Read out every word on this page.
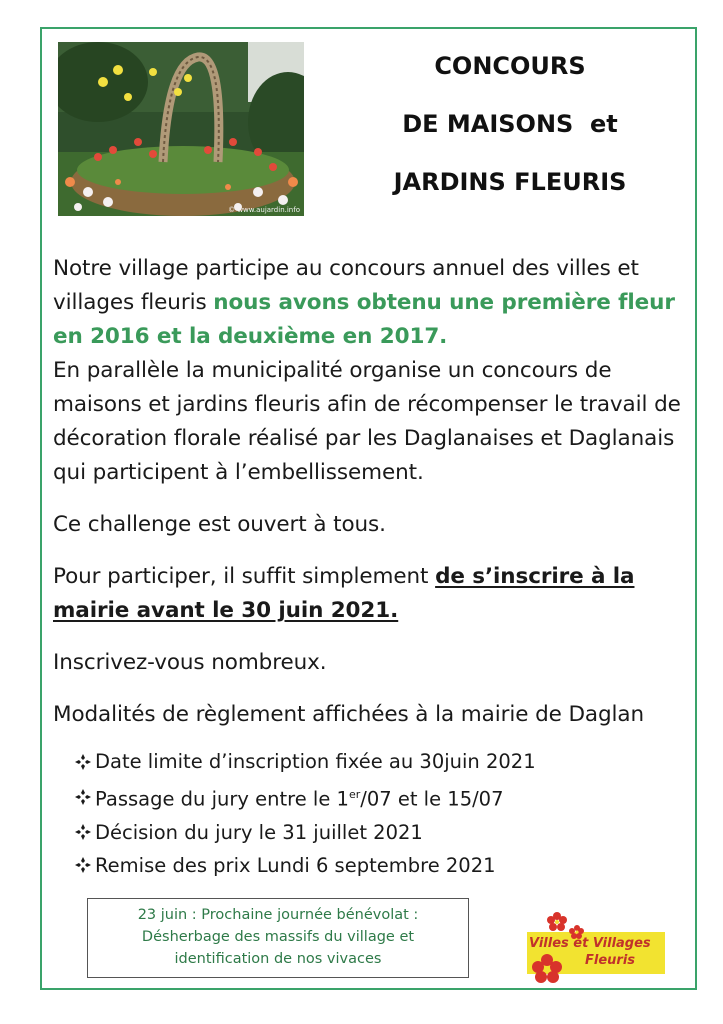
© www.aujardin.info
CONCOURS
DE MAISONS  et
JARDINS FLEURIS

Notre village participe au concours annuel des villes et villages fleuris nous avons obtenu une première fleur en 2016 et la deuxième en 2017.

En parallèle la municipalité organise un concours de maisons et jardins fleuris afin de récompenser le travail de décoration florale réalisé par les Daglanaises et Daglanais qui participent à l’embellissement.

Ce challenge est ouvert à tous.

Pour participer, il suffit simplement de s’inscrire à la mairie avant le 30 juin 2021.

Inscrivez-vous nombreux.

Modalités de règlement affichées à la mairie de Daglan

Date limite d’inscription fixée au 30juin 2021
Passage du jury entre le 1er/07 et le 15/07
Décision du jury le 31 juillet 2021
Remise des prix Lundi 6 septembre 2021
23 juin : Prochaine journée bénévolat :
Désherbage des massifs du village et
identification de nos vivaces
Villes et Villages
Fleuris
